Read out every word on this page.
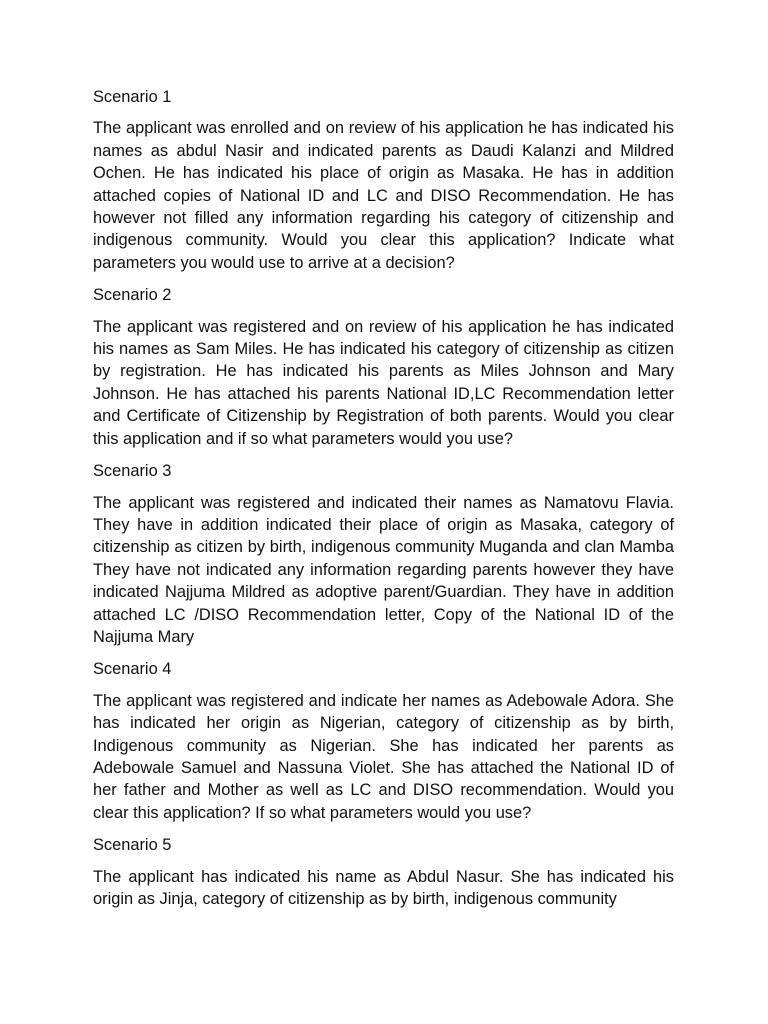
Scenario 1

The applicant was enrolled and on review of his application he has indicated his names as abdul Nasir and indicated parents as Daudi Kalanzi and Mildred Ochen. He has indicated his place of origin as Masaka. He has in addition attached copies of National ID and LC and DISO Recommendation. He has however not filled any information regarding his category of citizenship and indigenous community. Would you clear this application? Indicate what parameters you would use to arrive at a decision?

Scenario 2

The applicant was registered and on review of his application he has indicated his names as Sam Miles. He has indicated his category of citizenship as citizen by registration. He has indicated his parents as Miles Johnson and Mary Johnson. He has attached his parents National ID,LC Recommendation letter and Certificate of Citizenship by Registration of both parents. Would you clear this application and if so what parameters would you use?

Scenario 3

The applicant was registered and indicated their names as Namatovu Flavia. They have in addition indicated their place of origin as Masaka, category of citizenship as citizen by birth, indigenous community Muganda and clan Mamba They have not indicated any information regarding parents however they have indicated Najjuma Mildred as adoptive parent/Guardian. They have in addition attached LC /DISO Recommendation letter, Copy of the National ID of the Najjuma Mary

Scenario 4

The applicant was registered and indicate her names as Adebowale Adora. She has indicated her origin as Nigerian, category of citizenship as by birth, Indigenous community as Nigerian. She has indicated her parents as Adebowale Samuel and Nassuna Violet. She has attached the National ID of her father and Mother as well as LC and DISO recommendation. Would you clear this application? If so what parameters would you use?

Scenario 5

The applicant has indicated his name as Abdul Nasur. She has indicated his origin as Jinja, category of citizenship as by birth, indigenous community
